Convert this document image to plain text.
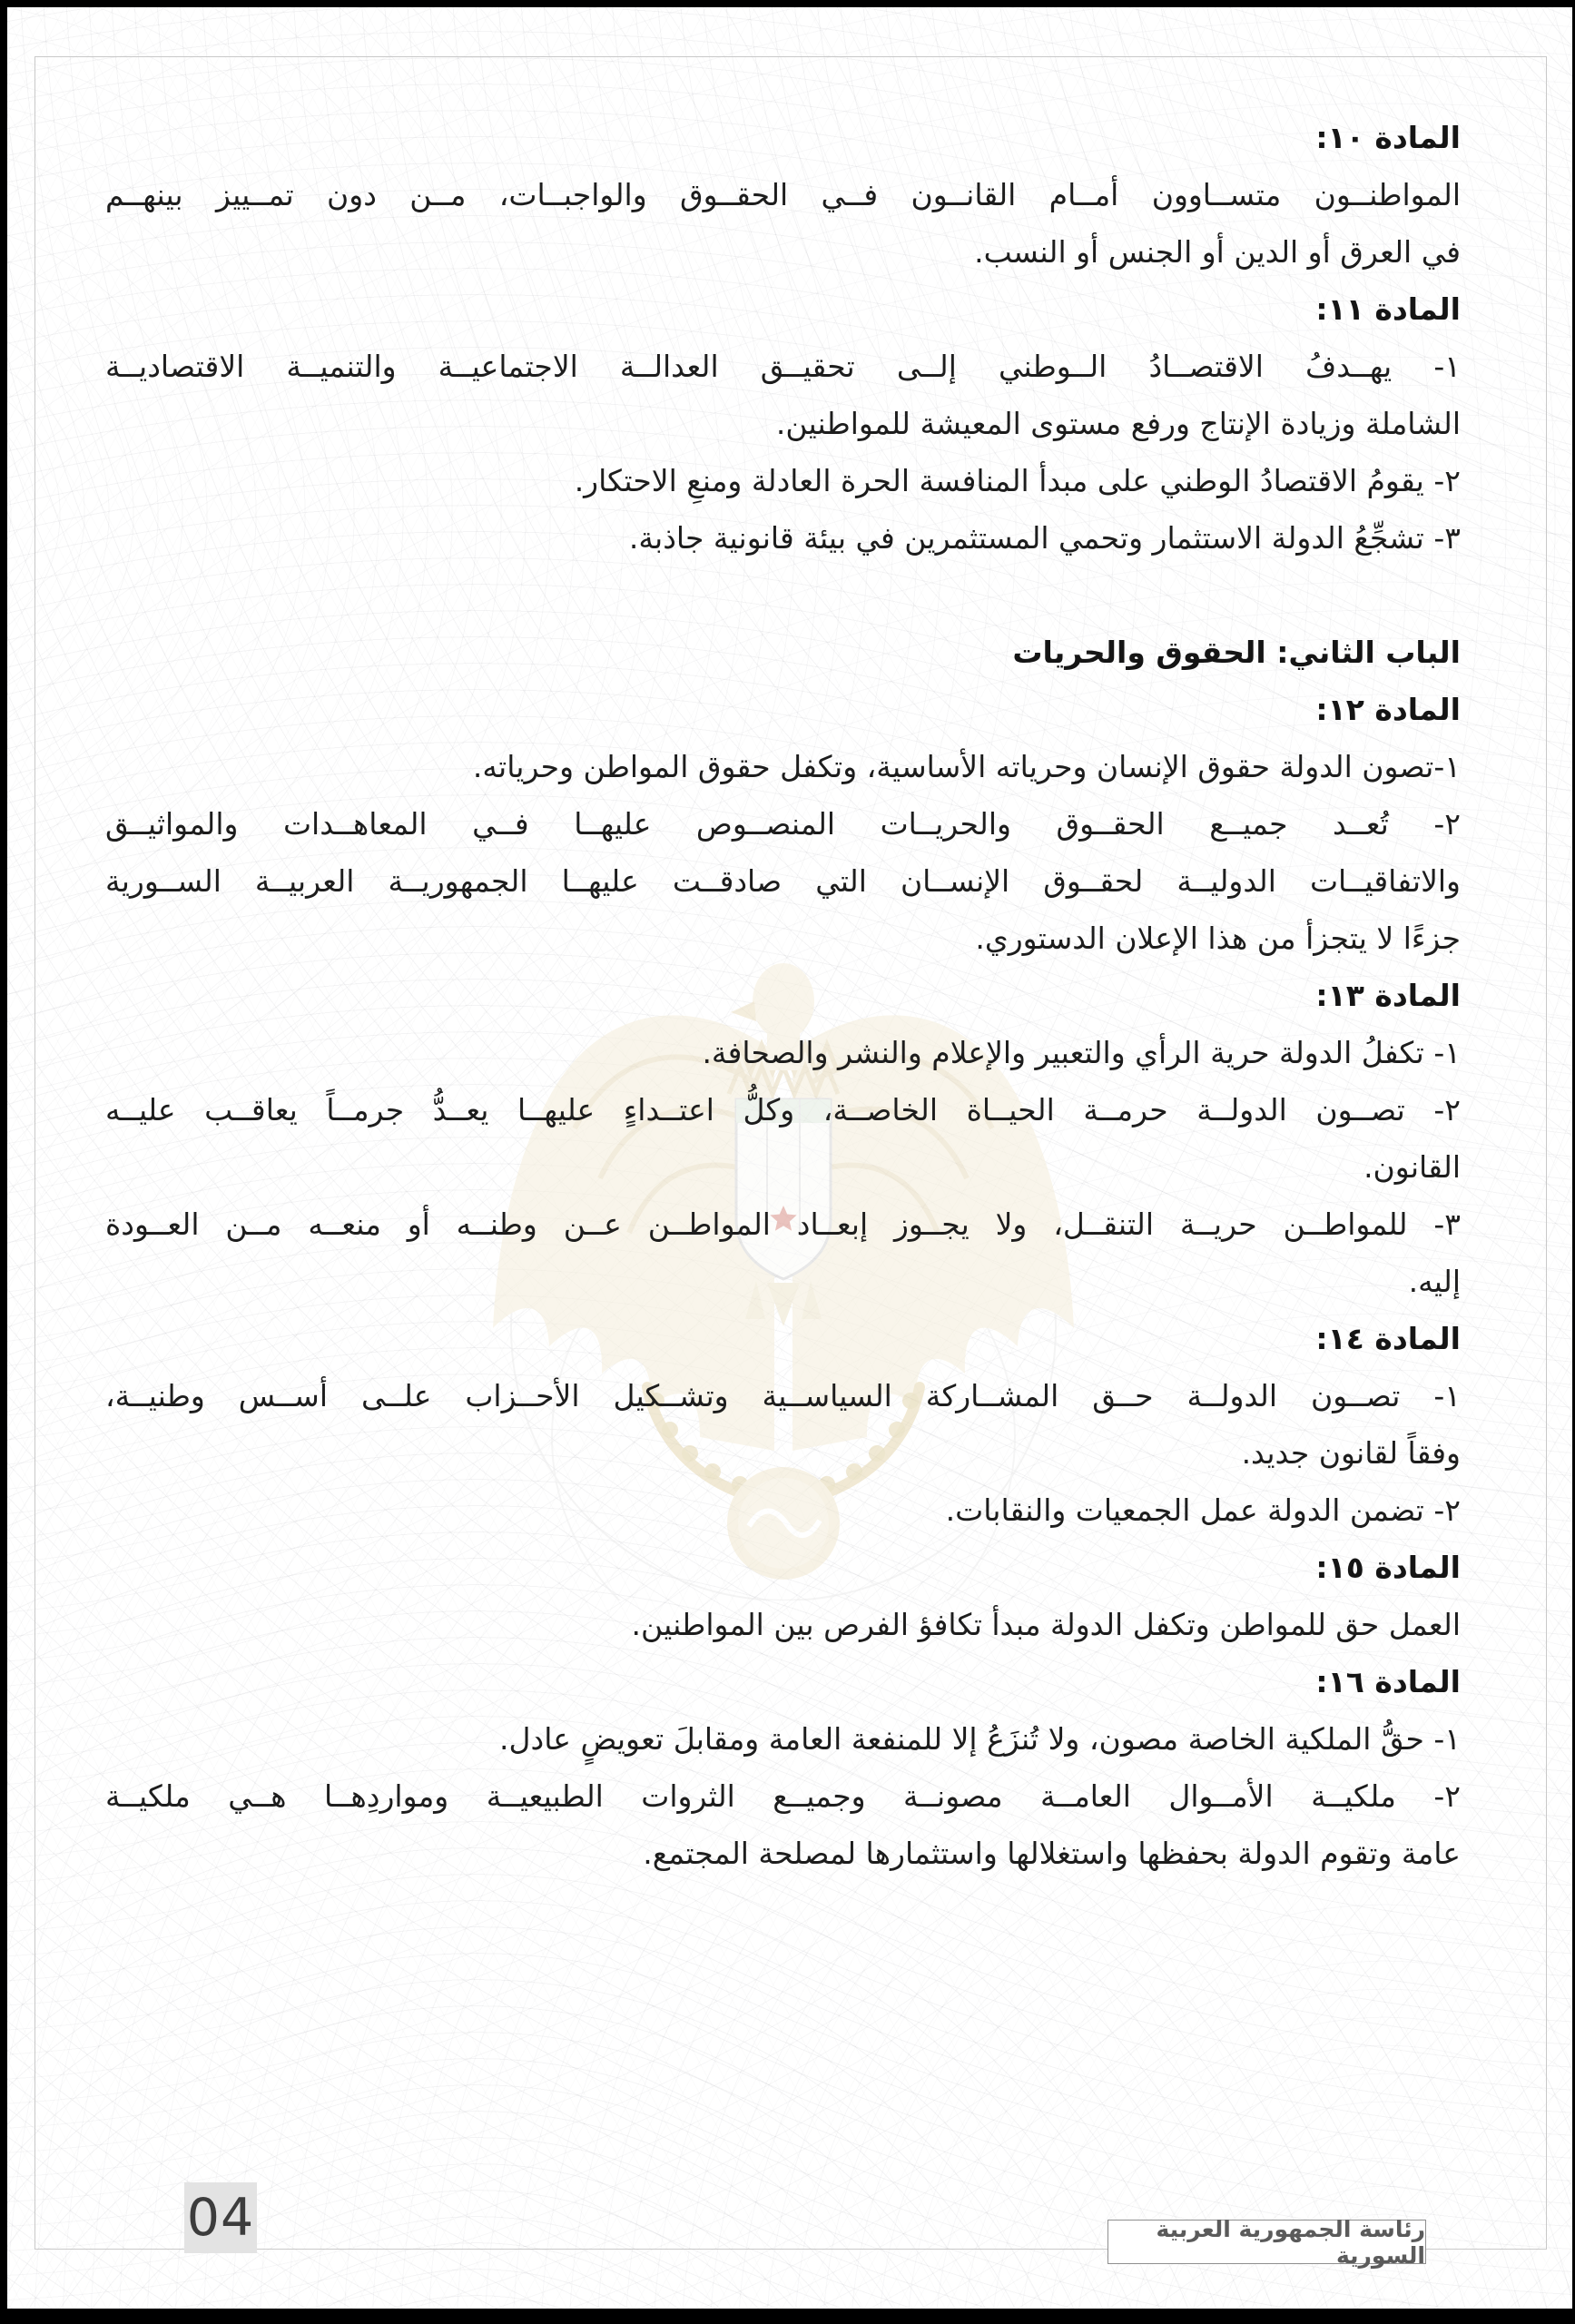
المادة ١٠:
المواطنــون متســاوون أمــام القانــون فــي الحقــوق والواجبــات، مــن دون تمــييز بينهــم
في العرق أو الدين أو الجنس أو النسب.
المادة ١١:
١- يهــدفُ الاقتصــادُ الــوطني إلــى تحقيــق العدالــة الاجتماعيــة والتنميــة الاقتصاديــة
الشاملة وزيادة الإنتاج ورفع مستوى المعيشة للمواطنين.
٢- يقومُ الاقتصادُ الوطني على مبدأ المنافسة الحرة العادلة ومنعِ الاحتكار.
٣- تشجِّعُ الدولة الاستثمار وتحمي المستثمرين في بيئة قانونية جاذبة.
الباب الثاني: الحقوق والحريات
المادة ١٢:
١-تصون الدولة حقوق الإنسان وحرياته الأساسية، وتكفل حقوق المواطن وحرياته.
٢- تُعــد جميــع الحقــوق والحريــات المنصــوص عليهــا فــي المعاهــدات والمواثيــق
والاتفاقيــات الدوليــة لحقــوق الإنســان التي صادقــت عليهــا الجمهوريــة العربيــة الســورية
جزءًا لا يتجزأ من هذا الإعلان الدستوري.
المادة ١٣:
١- تكفلُ الدولة حرية الرأي والتعبير والإعلام والنشر والصحافة.
٢- تصــون الدولــة حرمــة الحيــاة الخاصــة، وكلُّ اعتــداءٍ عليهــا يعــدُّ جرمــاً يعاقــب عليــه
القانون.
٣- للمواطــن حريــة التنقــل، ولا يجــوز إبعــاد المواطــن عــن وطنــه أو منعــه مــن العــودة
إليه.
المادة ١٤:
١- تصــون الدولــة حــق المشــاركة السياســية وتشــكيل الأحــزاب علــى أســس وطنيــة،
وفقاً لقانون جديد.
٢- تضمن الدولة عمل الجمعيات والنقابات.
المادة ١٥:
العمل حق للمواطن وتكفل الدولة مبدأ تكافؤ الفرص بين المواطنين.
المادة ١٦:
١- حقُّ الملكية الخاصة مصون، ولا تُنزَعُ إلا للمنفعة العامة ومقابلَ تعويضٍ عادل.
٢- ملكيــة الأمــوال العامــة مصونــة وجميــع الثروات الطبيعيــة ومواردِهــا هــي ملكيــة
عامة وتقوم الدولة بحفظها واستغلالها واستثمارها لمصلحة المجتمع.
04	رئاسة الجمهورية العربية السورية
